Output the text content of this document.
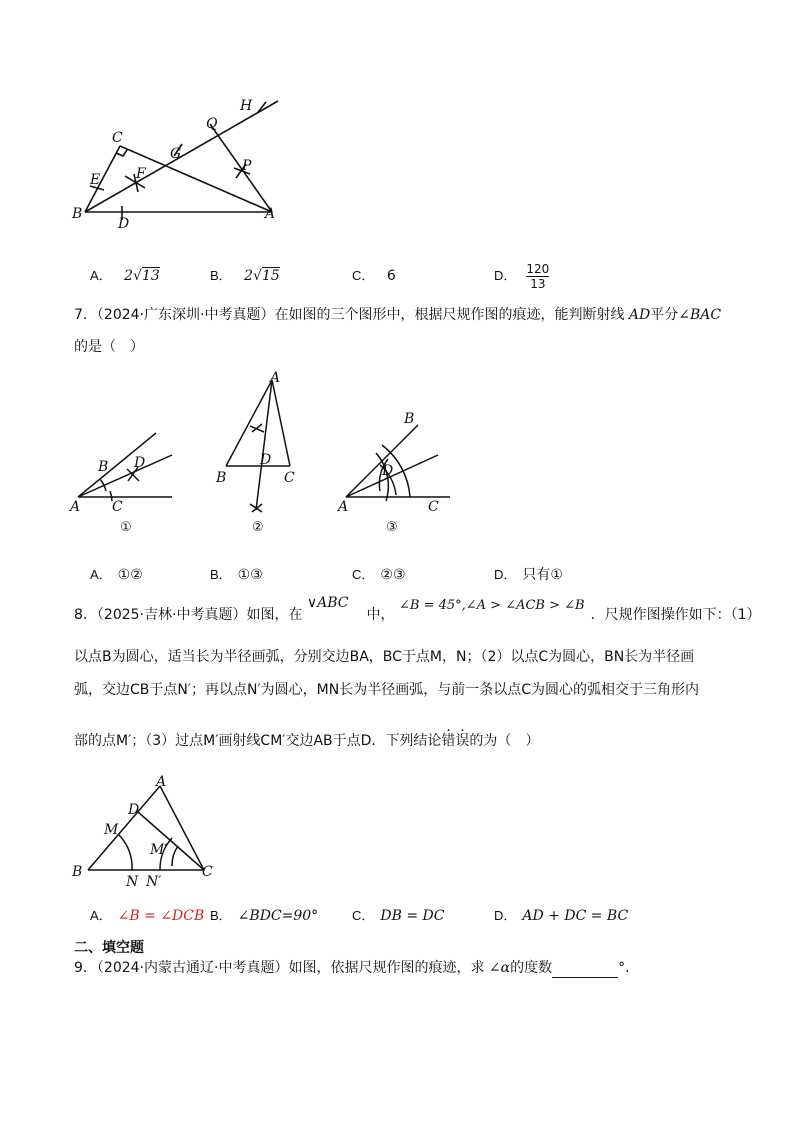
C
Q
H
G
P
E	F
B
D
A
A． 2√13	B． 2√15	C． 6	D． $\frac{120}{13}$
7．（2024·广东深圳·中考真题）在如图的三个图形中，根据尺规作图的痕迹，能判断射线 AD平分∠BAC
的是（　）
B D
A C
①
A
D
B	C
②
B
D
A	C
③
A． ①②	B． ①③	C． ②③	D． 只有①
8．（2025·吉林·中考真题）如图，在 ∨ABC中， ∠B = 45°,∠A > ∠ACB > ∠B．尺规作图操作如下：（1）
以点B为圆心，适当长为半径画弧，分别交边BA，BC于点M，N；（2）以点C为圆心，BN长为半径画
弧，交边CB于点N′；再以点N′为圆心，MN长为半径画弧，与前一条以点C为圆心的弧相交于三角形内
部的点M′；（3）过点M′画射线CM′交边AB于点D．下列结论错误的为（　）
A
D
M
M′
B
N N′
C
A． ∠B = ∠DCB B． ∠BDC=90°	C． DB = DC	D． AD + DC = BC
二、填空题
9．（2024·内蒙古通辽·中考真题）如图，依据尺规作图的痕迹，求 ∠α的度数	°．
